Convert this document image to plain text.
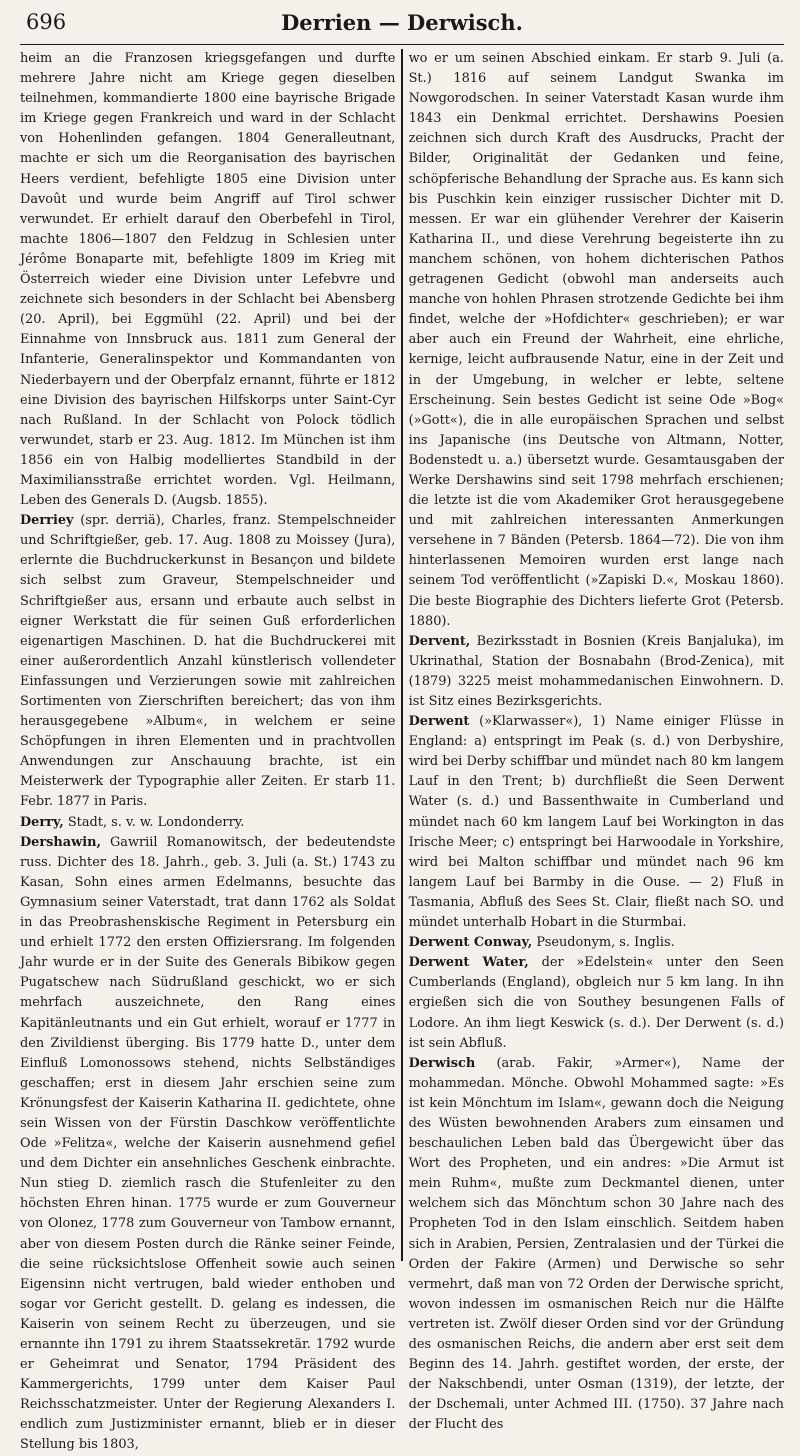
696	Derrien — Derwisch.

heim an die Franzosen kriegsgefangen und durfte mehrere Jahre nicht am Kriege gegen dieselben teilnehmen, kommandierte 1800 eine bayrische Brigade im Kriege gegen Frankreich und ward in der Schlacht von Hohenlinden gefangen. 1804 Generalleutnant, machte er sich um die Reorganisation des bayrischen Heers verdient, befehligte 1805 eine Division unter Davoût und wurde beim Angriff auf Tirol schwer verwundet. Er erhielt darauf den Oberbefehl in Tirol, machte 1806—1807 den Feldzug in Schlesien unter Jérôme Bonaparte mit, befehligte 1809 im Krieg mit Österreich wieder eine Division unter Lefebvre und zeichnete sich besonders in der Schlacht bei Abensberg (20. April), bei Eggmühl (22. April) und bei der Einnahme von Innsbruck aus. 1811 zum General der Infanterie, Generalinspektor und Kommandanten von Niederbayern und der Oberpfalz ernannt, führte er 1812 eine Division des bayrischen Hilfskorps unter Saint-Cyr nach Rußland. In der Schlacht von Polock tödlich verwundet, starb er 23. Aug. 1812. Im München ist ihm 1856 ein von Halbig modelliertes Standbild in der Maximiliansstraße errichtet worden. Vgl. Heilmann, Leben des Generals D. (Augsb. 1855).

Derriey (spr. derriä), Charles, franz. Stempelschneider und Schriftgießer, geb. 17. Aug. 1808 zu Moissey (Jura), erlernte die Buchdruckerkunst in Besançon und bildete sich selbst zum Graveur, Stempelschneider und Schriftgießer aus, ersann und erbaute auch selbst in eigner Werkstatt die für seinen Guß erforderlichen eigenartigen Maschinen. D. hat die Buchdruckerei mit einer außerordentlich Anzahl künstlerisch vollendeter Einfassungen und Verzierungen sowie mit zahlreichen Sortimenten von Zierschriften bereichert; das von ihm herausgegebene »Album«, in welchem er seine Schöpfungen in ihren Elementen und in prachtvollen Anwendungen zur Anschauung brachte, ist ein Meisterwerk der Typographie aller Zeiten. Er starb 11. Febr. 1877 in Paris.

Derry, Stadt, s. v. w. Londonderry.

Dershawin, Gawriil Romanowitsch, der bedeutendste russ. Dichter des 18. Jahrh., geb. 3. Juli (a. St.) 1743 zu Kasan, Sohn eines armen Edelmanns, besuchte das Gymnasium seiner Vaterstadt, trat dann 1762 als Soldat in das Preobrashenskische Regiment in Petersburg ein und erhielt 1772 den ersten Offiziersrang. Im folgenden Jahr wurde er in der Suite des Generals Bibikow gegen Pugatschew nach Südrußland geschickt, wo er sich mehrfach auszeichnete, den Rang eines Kapitänleutnants und ein Gut erhielt, worauf er 1777 in den Zivildienst überging. Bis 1779 hatte D., unter dem Einfluß Lomonossows stehend, nichts Selbständiges geschaffen; erst in diesem Jahr erschien seine zum Krönungsfest der Kaiserin Katharina II. gedichtete, ohne sein Wissen von der Fürstin Daschkow veröffentlichte Ode »Felitza«, welche der Kaiserin ausnehmend gefiel und dem Dichter ein ansehnliches Geschenk einbrachte. Nun stieg D. ziemlich rasch die Stufenleiter zu den höchsten Ehren hinan. 1775 wurde er zum Gouverneur von Olonez, 1778 zum Gouverneur von Tambow ernannt, aber von diesem Posten durch die Ränke seiner Feinde, die seine rücksichtslose Offenheit sowie auch seinen Eigensinn nicht vertrugen, bald wieder enthoben und sogar vor Gericht gestellt. D. gelang es indessen, die Kaiserin von seinem Recht zu überzeugen, und sie ernannte ihn 1791 zu ihrem Staatssekretär. 1792 wurde er Geheimrat und Senator, 1794 Präsident des Kammergerichts, 1799 unter dem Kaiser Paul Reichsschatzmeister. Unter der Regierung Alexanders I. endlich zum Justizminister ernannt, blieb er in dieser Stellung bis 1803,

wo er um seinen Abschied einkam. Er starb 9. Juli (a. St.) 1816 auf seinem Landgut Swanka im Nowgorodschen. In seiner Vaterstadt Kasan wurde ihm 1843 ein Denkmal errichtet. Dershawins Poesien zeichnen sich durch Kraft des Ausdrucks, Pracht der Bilder, Originalität der Gedanken und feine, schöpferische Behandlung der Sprache aus. Es kann sich bis Puschkin kein einziger russischer Dichter mit D. messen. Er war ein glühender Verehrer der Kaiserin Katharina II., und diese Verehrung begeisterte ihn zu manchem schönen, von hohem dichterischen Pathos getragenen Gedicht (obwohl man anderseits auch manche von hohlen Phrasen strotzende Gedichte bei ihm findet, welche der »Hofdichter« geschrieben); er war aber auch ein Freund der Wahrheit, eine ehrliche, kernige, leicht aufbrausende Natur, eine in der Zeit und in der Umgebung, in welcher er lebte, seltene Erscheinung. Sein bestes Gedicht ist seine Ode »Bog« (»Gott«), die in alle europäischen Sprachen und selbst ins Japanische (ins Deutsche von Altmann, Notter, Bodenstedt u. a.) übersetzt wurde. Gesamtausgaben der Werke Dershawins sind seit 1798 mehrfach erschienen; die letzte ist die vom Akademiker Grot herausgegebene und mit zahlreichen interessanten Anmerkungen versehene in 7 Bänden (Petersb. 1864—72). Die von ihm hinterlassenen Memoiren wurden erst lange nach seinem Tod veröffentlicht (»Zapiski D.«, Moskau 1860). Die beste Biographie des Dichters lieferte Grot (Petersb. 1880).

Dervent, Bezirksstadt in Bosnien (Kreis Banjaluka), im Ukrinathal, Station der Bosnabahn (Brod-Zenica), mit (1879) 3225 meist mohammedanischen Einwohnern. D. ist Sitz eines Bezirksgerichts.

Derwent (»Klarwasser«), 1) Name einiger Flüsse in England: a) entspringt im Peak (s. d.) von Derbyshire, wird bei Derby schiffbar und mündet nach 80 km langem Lauf in den Trent; b) durchfließt die Seen Derwent Water (s. d.) und Bassenthwaite in Cumberland und mündet nach 60 km langem Lauf bei Workington in das Irische Meer; c) entspringt bei Harwoodale in Yorkshire, wird bei Malton schiffbar und mündet nach 96 km langem Lauf bei Barmby in die Ouse. — 2) Fluß in Tasmania, Abfluß des Sees St. Clair, fließt nach SO. und mündet unterhalb Hobart in die Sturmbai.

Derwent Conway, Pseudonym, s. Inglis.

Derwent Water, der »Edelstein« unter den Seen Cumberlands (England), obgleich nur 5 km lang. In ihn ergießen sich die von Southey besungenen Falls of Lodore. An ihm liegt Keswick (s. d.). Der Derwent (s. d.) ist sein Abfluß.

Derwisch (arab. Fakir, »Armer«), Name der mohammedan. Mönche. Obwohl Mohammed sagte: »Es ist kein Mönchtum im Islam«, gewann doch die Neigung des Wüsten bewohnenden Arabers zum einsamen und beschaulichen Leben bald das Übergewicht über das Wort des Propheten, und ein andres: »Die Armut ist mein Ruhm«, mußte zum Deckmantel dienen, unter welchem sich das Mönchtum schon 30 Jahre nach des Propheten Tod in den Islam einschlich. Seitdem haben sich in Arabien, Persien, Zentralasien und der Türkei die Orden der Fakire (Armen) und Derwische so sehr vermehrt, daß man von 72 Orden der Derwische spricht, wovon indessen im osmanischen Reich nur die Hälfte vertreten ist. Zwölf dieser Orden sind vor der Gründung des osmanischen Reichs, die andern aber erst seit dem Beginn des 14. Jahrh. gestiftet worden, der erste, der der Nakschbendi, unter Osman (1319), der letzte, der der Dschemali, unter Achmed III. (1750). 37 Jahre nach der Flucht des
